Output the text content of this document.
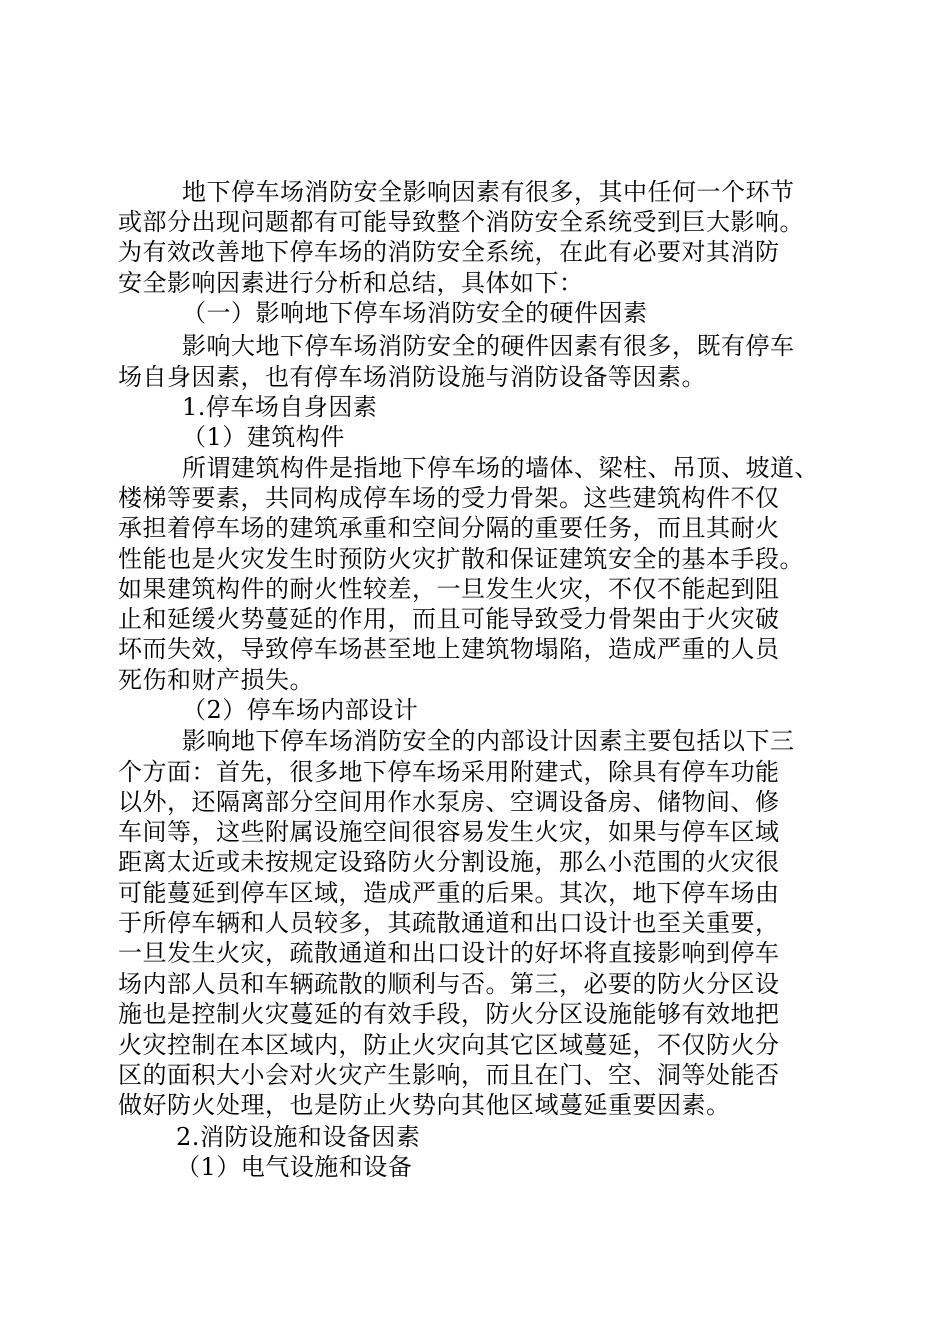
地下停车场消防安全影响因素有很多，其中任何一个环节
或部分出现问题都有可能导致整个消防安全系统受到巨大影响。
为有效改善地下停车场的消防安全系统，在此有必要对其消防
安全影响因素进行分析和总结，具体如下：
（一）影响地下停车场消防安全的硬件因素
影响大地下停车场消防安全的硬件因素有很多，既有停车
场自身因素，也有停车场消防设施与消防设备等因素。
1.停车场自身因素
（1）建筑构件
所谓建筑构件是指地下停车场的墙体、梁柱、吊顶、坡道、
楼梯等要素，共同构成停车场的受力骨架。这些建筑构件不仅
承担着停车场的建筑承重和空间分隔的重要任务，而且其耐火
性能也是火灾发生时预防火灾扩散和保证建筑安全的基本手段。
如果建筑构件的耐火性较差，一旦发生火灾，不仅不能起到阻
止和延缓火势蔓延的作用，而且可能导致受力骨架由于火灾破
坏而失效，导致停车场甚至地上建筑物塌陷，造成严重的人员
死伤和财产损失。
（2）停车场内部设计
影响地下停车场消防安全的内部设计因素主要包括以下三
个方面：首先，很多地下停车场采用附建式，除具有停车功能
以外，还隔离部分空间用作水泵房、空调设备房、储物间、修
车间等，这些附属设施空间很容易发生火灾，如果与停车区域
距离太近或未按规定设臵防火分割设施，那么小范围的火灾很
可能蔓延到停车区域，造成严重的后果。其次，地下停车场由
于所停车辆和人员较多，其疏散通道和出口设计也至关重要，
一旦发生火灾，疏散通道和出口设计的好坏将直接影响到停车
场内部人员和车辆疏散的顺利与否。第三，必要的防火分区设
施也是控制火灾蔓延的有效手段，防火分区设施能够有效地把
火灾控制在本区域内，防止火灾向其它区域蔓延，不仅防火分
区的面积大小会对火灾产生影响，而且在门、空、洞等处能否
做好防火处理，也是防止火势向其他区域蔓延重要因素。
2.消防设施和设备因素
（1）电气设施和设备
